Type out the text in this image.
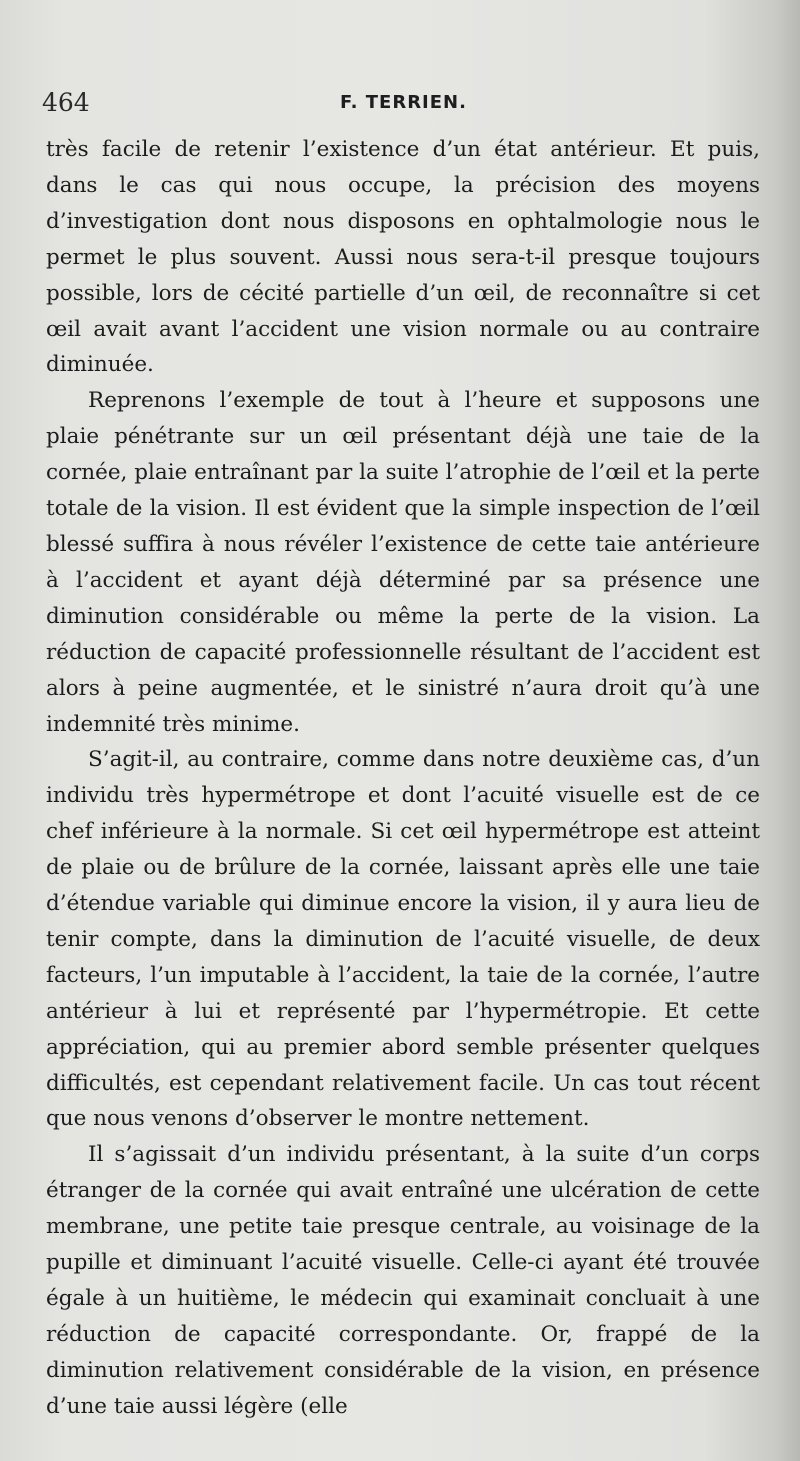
464	F. TERRIEN.

très facile de retenir l’existence d’un état antérieur. Et puis, dans le cas qui nous occupe, la précision des moyens d’investigation dont nous disposons en ophtalmologie nous le permet le plus souvent. Aussi nous sera-t-il presque toujours possible, lors de cécité partielle d’un œil, de reconnaître si cet œil avait avant l’accident une vision normale ou au contraire diminuée.

Reprenons l’exemple de tout à l’heure et supposons une plaie pénétrante sur un œil présentant déjà une taie de la cornée, plaie entraînant par la suite l’atrophie de l’œil et la perte totale de la vision. Il est évident que la simple inspection de l’œil blessé suffira à nous révéler l’existence de cette taie antérieure à l’accident et ayant déjà déterminé par sa présence une diminution considérable ou même la perte de la vision. La réduction de capacité professionnelle résultant de l’accident est alors à peine augmentée, et le sinistré n’aura droit qu’à une indemnité très minime.

S’agit-il, au contraire, comme dans notre deuxième cas, d’un individu très hypermétrope et dont l’acuité visuelle est de ce chef inférieure à la normale. Si cet œil hypermétrope est atteint de plaie ou de brûlure de la cornée, laissant après elle une taie d’étendue variable qui diminue encore la vision, il y aura lieu de tenir compte, dans la diminution de l’acuité visuelle, de deux facteurs, l’un imputable à l’accident, la taie de la cornée, l’autre antérieur à lui et représenté par l’hypermétropie. Et cette appréciation, qui au premier abord semble présenter quelques difficultés, est cependant relativement facile. Un cas tout récent que nous venons d’observer le montre nettement.

Il s’agissait d’un individu présentant, à la suite d’un corps étranger de la cornée qui avait entraîné une ulcération de cette membrane, une petite taie presque centrale, au voisinage de la pupille et diminuant l’acuité visuelle. Celle-ci ayant été trouvée égale à un huitième, le médecin qui examinait concluait à une réduction de capacité correspondante. Or, frappé de la diminution relativement considérable de la vision, en présence d’une taie aussi légère (elle
